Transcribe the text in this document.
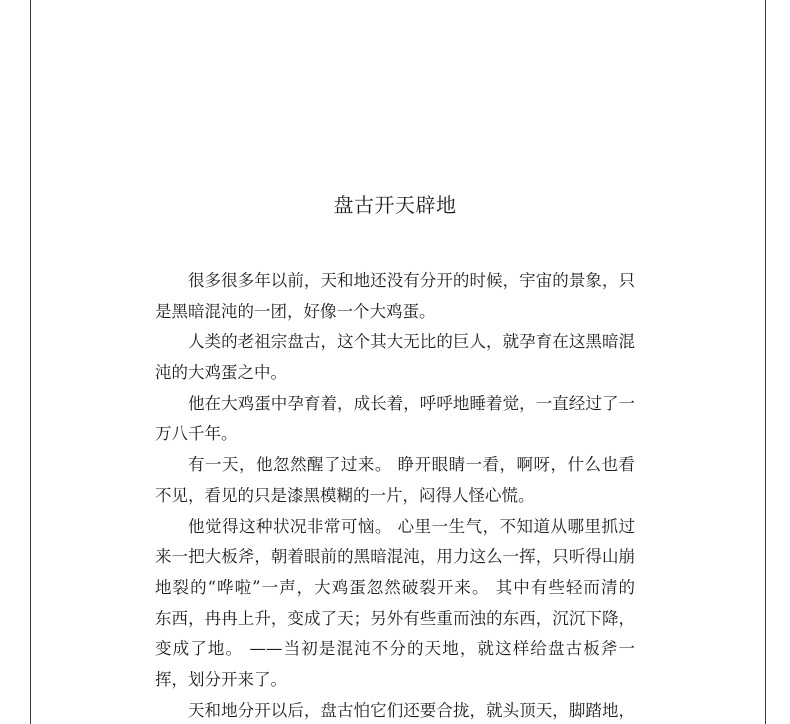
盘古开天辟地
很多很多年以前，天和地还没有分开的时候，宇宙的景象，只
是黑暗混沌的一团，好像一个大鸡蛋。
人类的老祖宗盘古，这个其大无比的巨人，就孕育在这黑暗混
沌的大鸡蛋之中。
他在大鸡蛋中孕育着，成长着，呼呼地睡着觉，一直经过了一
万八千年。
有一天，他忽然醒了过来。 睁开眼睛一看，啊呀，什么也看
不见，看见的只是漆黑模糊的一片，闷得人怪心慌。
他觉得这种状况非常可恼。 心里一生气，不知道从哪里抓过
来一把大板斧，朝着眼前的黑暗混沌，用力这么一挥，只听得山崩
地裂的“哗啦”一声，大鸡蛋忽然破裂开来。 其中有些轻而清的
东西，冉冉上升，变成了天；另外有些重而浊的东西，沉沉下降，
变成了地。 ——当初是混沌不分的天地，就这样给盘古板斧一
挥，划分开来了。
天和地分开以后，盘古怕它们还要合拢，就头顶天，脚踏地，
